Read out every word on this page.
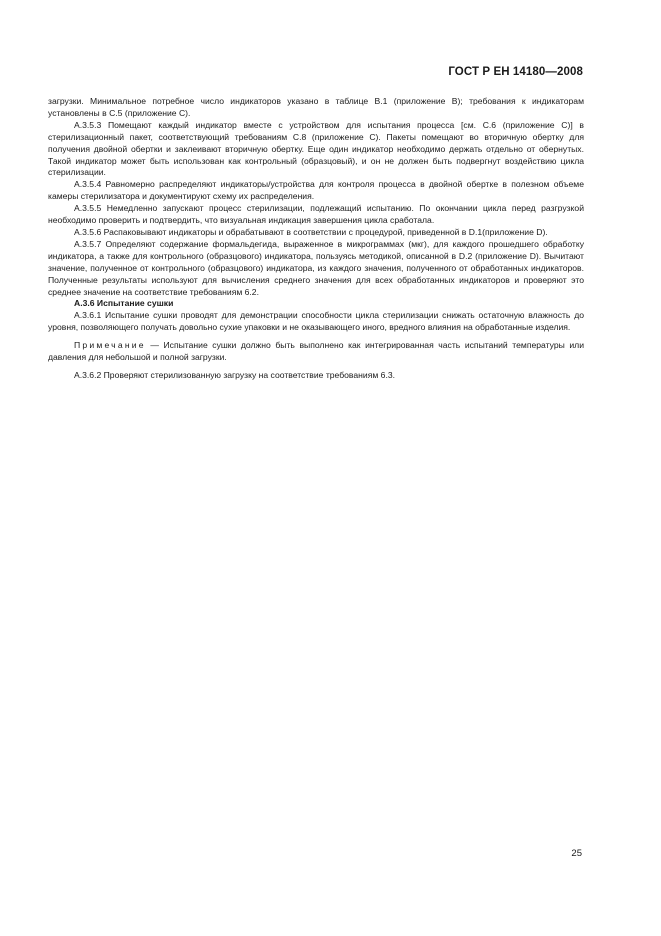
ГОСТ Р ЕН 14180—2008

загрузки. Минимальное потребное число индикаторов указано в таблице В.1 (приложение В); требования к индикаторам установлены в С.5 (приложение С).

А.3.5.3 Помещают каждый индикатор вместе с устройством для испытания процесса [см. С.6 (приложение С)] в стерилизационный пакет, соответствующий требованиям С.8 (приложение С). Пакеты помещают во вторичную обертку для получения двойной обертки и заклеивают вторичную обертку. Еще один индикатор необходимо держать отдельно от обернутых. Такой индикатор может быть использован как контрольный (образцовый), и он не должен быть подвергнут воздействию цикла стерилизации.

А.3.5.4 Равномерно распределяют индикаторы/устройства для контроля процесса в двойной обертке в полезном объеме камеры стерилизатора и документируют схему их распределения.

А.3.5.5 Немедленно запускают процесс стерилизации, подлежащий испытанию. По окончании цикла перед разгрузкой необходимо проверить и подтвердить, что визуальная индикация завершения цикла сработала.

А.3.5.6 Распаковывают индикаторы и обрабатывают в соответствии с процедурой, приведенной в D.1(приложение D).

А.3.5.7 Определяют содержание формальдегида, выраженное в микрограммах (мкг), для каждого прошедшего обработку индикатора, а также для контрольного (образцового) индикатора, пользуясь методикой, описанной в D.2 (приложение D). Вычитают значение, полученное от контрольного (образцового) индикатора, из каждого значения, полученного от обработанных индикаторов. Полученные результаты используют для вычисления среднего значения для всех обработанных индикаторов и проверяют это среднее значение на соответствие требованиям 6.2.

А.3.6 Испытание сушки

А.3.6.1 Испытание сушки проводят для демонстрации способности цикла стерилизации снижать остаточную влажность до уровня, позволяющего получать довольно сухие упаковки и не оказывающего иного, вредного влияния на обработанные изделия.

Примечание — Испытание сушки должно быть выполнено как интегрированная часть испытаний температуры или давления для небольшой и полной загрузки.

А.3.6.2 Проверяют стерилизованную загрузку на соответствие требованиям 6.3.

25
